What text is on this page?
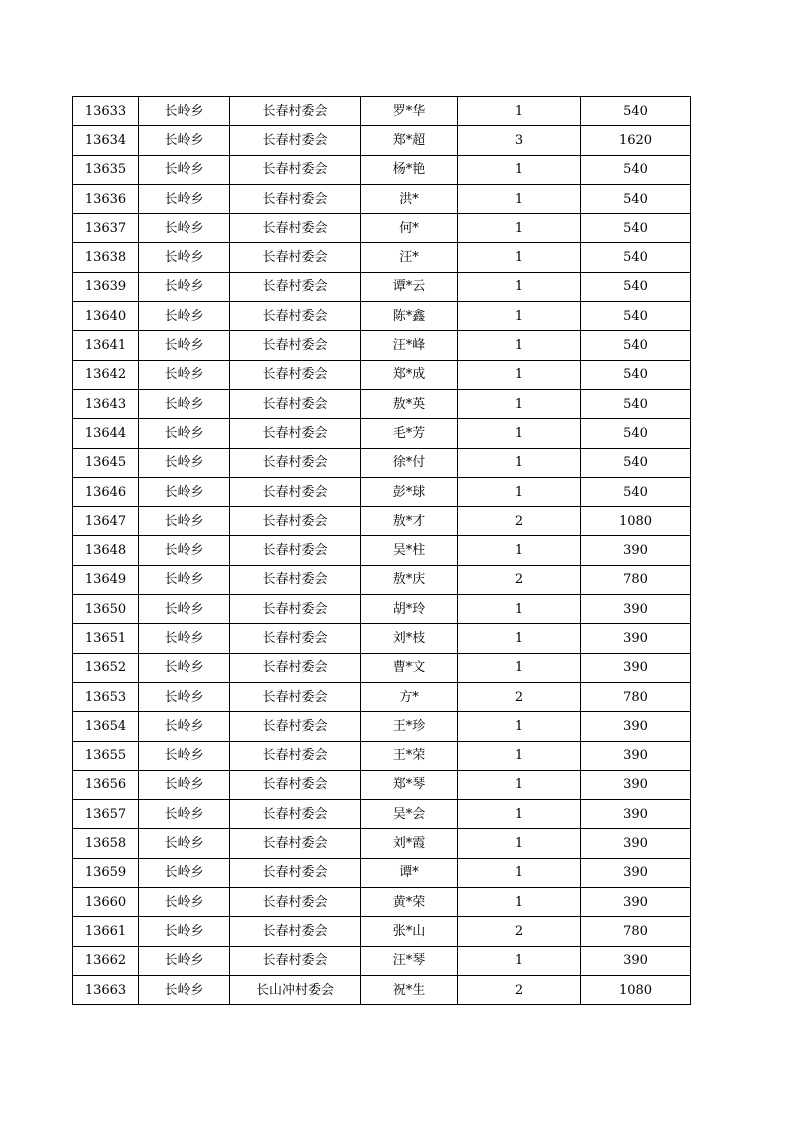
13633	长岭乡	长春村委会	罗*华	1	540
13634	长岭乡	长春村委会	郑*超	3	1620
13635	长岭乡	长春村委会	杨*艳	1	540
13636	长岭乡	长春村委会	洪*	1	540
13637	长岭乡	长春村委会	何*	1	540
13638	长岭乡	长春村委会	汪*	1	540
13639	长岭乡	长春村委会	谭*云	1	540
13640	长岭乡	长春村委会	陈*鑫	1	540
13641	长岭乡	长春村委会	汪*峰	1	540
13642	长岭乡	长春村委会	郑*成	1	540
13643	长岭乡	长春村委会	敖*英	1	540
13644	长岭乡	长春村委会	毛*芳	1	540
13645	长岭乡	长春村委会	徐*付	1	540
13646	长岭乡	长春村委会	彭*球	1	540
13647	长岭乡	长春村委会	敖*才	2	1080
13648	长岭乡	长春村委会	吴*柱	1	390
13649	长岭乡	长春村委会	敖*庆	2	780
13650	长岭乡	长春村委会	胡*玲	1	390
13651	长岭乡	长春村委会	刘*枝	1	390
13652	长岭乡	长春村委会	曹*文	1	390
13653	长岭乡	长春村委会	方*	2	780
13654	长岭乡	长春村委会	王*珍	1	390
13655	长岭乡	长春村委会	王*荣	1	390
13656	长岭乡	长春村委会	郑*琴	1	390
13657	长岭乡	长春村委会	吴*会	1	390
13658	长岭乡	长春村委会	刘*霞	1	390
13659	长岭乡	长春村委会	谭*	1	390
13660	长岭乡	长春村委会	黄*荣	1	390
13661	长岭乡	长春村委会	张*山	2	780
13662	长岭乡	长春村委会	汪*琴	1	390
13663	长岭乡	长山冲村委会	祝*生	2	1080
